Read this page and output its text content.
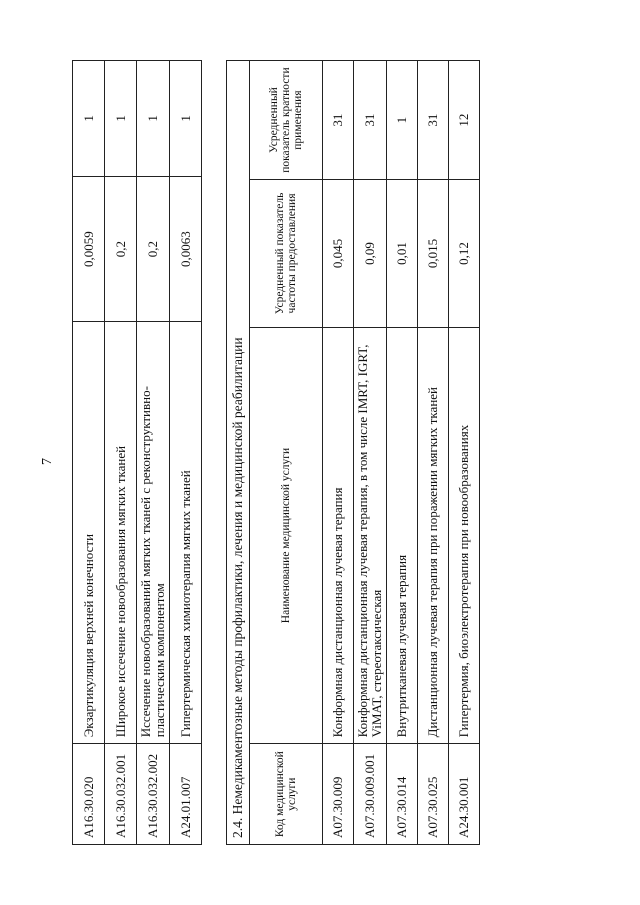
7
A16.30.020	Экзартикуляция верхней конечности	0,0059	1
A16.30.032.001	Широкое иссечение новообразования мягких тканей	0,2	1
A16.30.032.002	Иссечение новообразований мягких тканей с реконструктивно-пластическим компонентом	0,2	1
A24.01.007	Гипертермическая химиотерапия мягких тканей	0,0063	1
2.4. Немедикаментозные методы профилактики, лечения и медицинской реабилитации			
Код медицинской услуги	Наименование медицинской услуги	Усредненный показатель частоты предоставления	Усредненный показатель кратности применения
A07.30.009	Конформная дистанционная лучевая терапия	0,045	31
A07.30.009.001	Конформная дистанционная лучевая терапия, в том числе IMRT, IGRT, ViMAT, стереотаксическая	0,09	31
A07.30.014	Внутритканевая лучевая терапия	0,01	1
A07.30.025	Дистанционная лучевая терапия при поражении мягких тканей	0,015	31
A24.30.001	Гипертермия, биоэлектротерапия при новообразованиях	0,12	12
